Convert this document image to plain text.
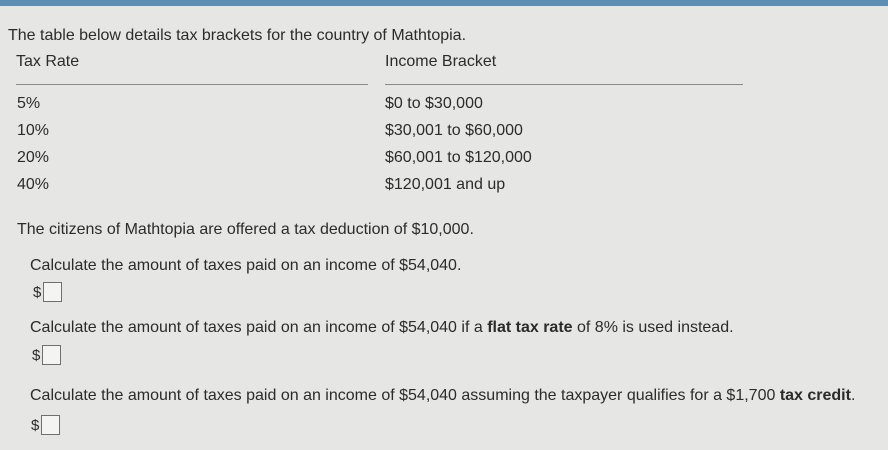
The table below details tax brackets for the country of Mathtopia.
Tax Rate	Income Bracket
5%	$0 to $30,000
10%	$30,001 to $60,000
20%	$60,001 to $120,000
40%	$120,001 and up
The citizens of Mathtopia are offered a tax deduction of $10,000.
Calculate the amount of taxes paid on an income of $54,040.
$
Calculate the amount of taxes paid on an income of $54,040 if a flat tax rate of 8% is used instead.
$
Calculate the amount of taxes paid on an income of $54,040 assuming the taxpayer qualifies for a $1,700 tax credit.
$
